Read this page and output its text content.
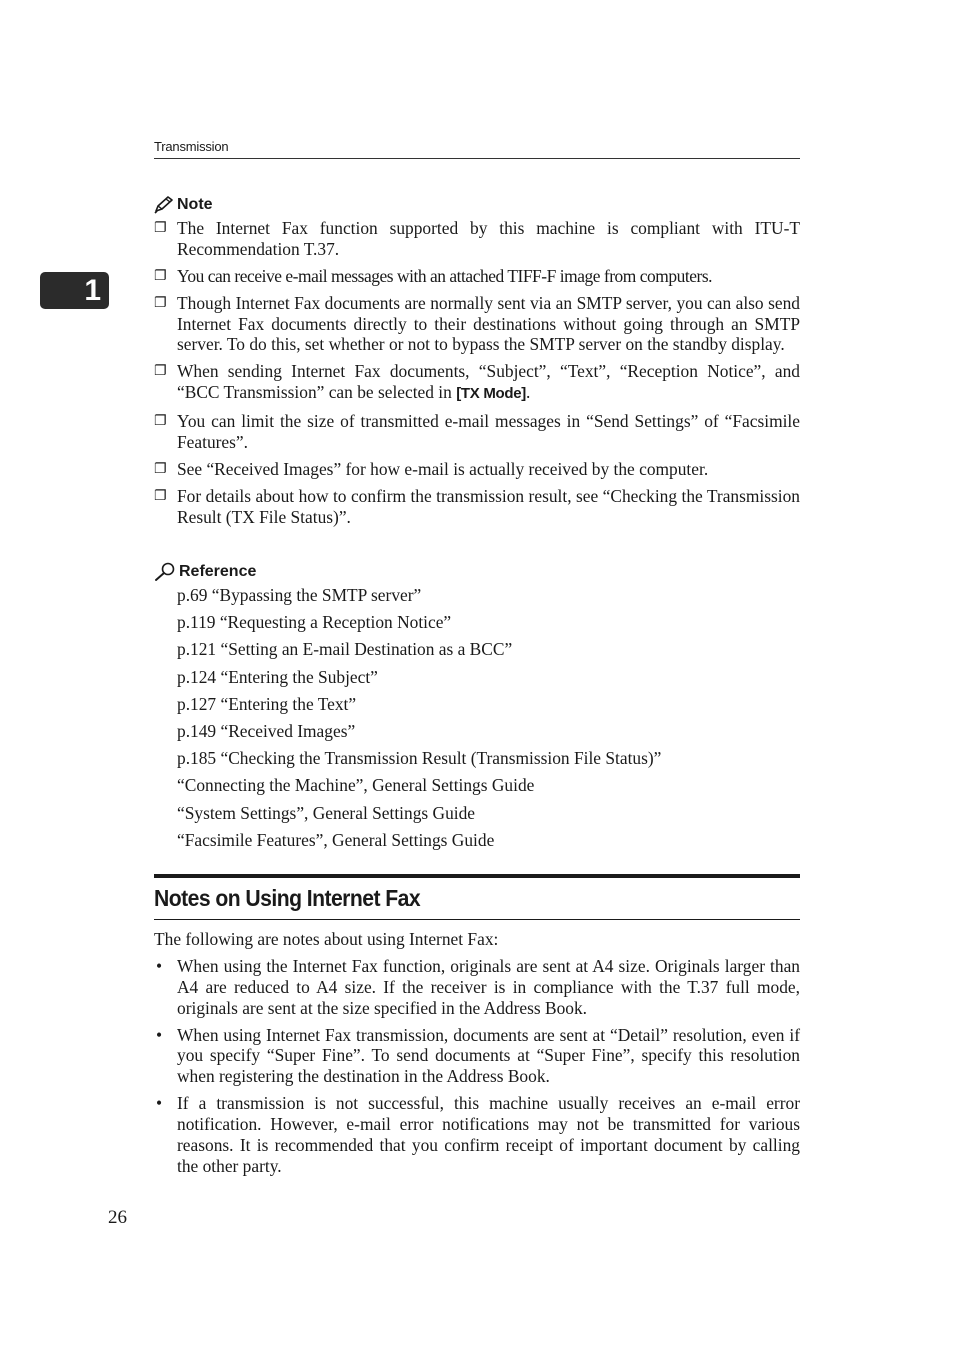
Transmission
1
Note
❐ The Internet Fax function supported by this machine is compliant with ITU-T Recommendation T.37.
❐ You can receive e-mail messages with an attached TIFF-F image from computers.
❐ Though Internet Fax documents are normally sent via an SMTP server, you can also send Internet Fax documents directly to their destinations without going through an SMTP server. To do this, set whether or not to bypass the SMTP server on the standby display.
❐ When sending Internet Fax documents, “Subject”, “Text”, “Reception Notice”, and “BCC Transmission” can be selected in [TX Mode].
❐ You can limit the size of transmitted e-mail messages in “Send Settings” of “Facsimile Features”.
❐ See “Received Images” for how e-mail is actually received by the computer.
❐ For details about how to confirm the transmission result, see “Checking the Transmission Result (TX File Status)”.
Reference
p.69 “Bypassing the SMTP server”
p.119 “Requesting a Reception Notice”
p.121 “Setting an E-mail Destination as a BCC”
p.124 “Entering the Subject”
p.127 “Entering the Text”
p.149 “Received Images”
p.185 “Checking the Transmission Result (Transmission File Status)”
“Connecting the Machine”, General Settings Guide
“System Settings”, General Settings Guide
“Facsimile Features”, General Settings Guide
Notes on Using Internet Fax
The following are notes about using Internet Fax:
• When using the Internet Fax function, originals are sent at A4 size. Originals larger than A4 are reduced to A4 size. If the receiver is in compliance with the T.37 full mode, originals are sent at the size specified in the Address Book.
• When using Internet Fax transmission, documents are sent at “Detail” resolution, even if you specify “Super Fine”. To send documents at “Super Fine”, specify this resolution when registering the destination in the Address Book.
• If a transmission is not successful, this machine usually receives an e-mail error notification. However, e-mail error notifications may not be transmitted for various reasons. It is recommended that you confirm receipt of important document by calling the other party.
26
